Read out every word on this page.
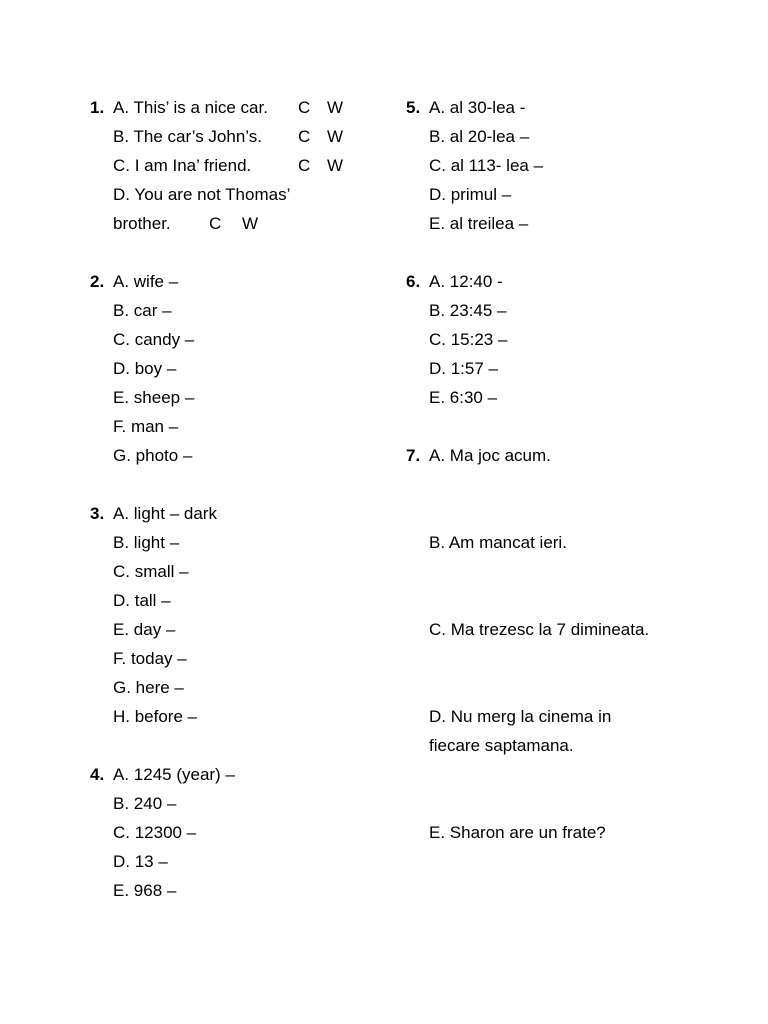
1. A. This’ is a nice car. C W
B. The car’s John’s. C W
C. I am Ina’ friend.	C W
D. You are not Thomas’
brother. C W
2. A. wife –
B. car –
C. candy –
D. boy –
E. sheep –
F. man –
G. photo –
3. A. light – dark
B. light –
C. small –
D. tall –
E. day –
F. today –
G. here –
H. before –
4. A. 1245 (year) –
B. 240 –
C. 12300 –
D. 13 –
E. 968 –
5. A. al 30-lea -
B. al 20-lea –
C. al 113- lea –
D. primul –
E. al treilea –
6. A. 12:40 -
B. 23:45 –
C. 15:23 –
D. 1:57 –
E. 6:30 –
7. A. Ma joc acum.
B. Am mancat ieri.
C. Ma trezesc la 7 dimineata.
D. Nu merg la cinema in
fiecare saptamana.
E. Sharon are un frate?
